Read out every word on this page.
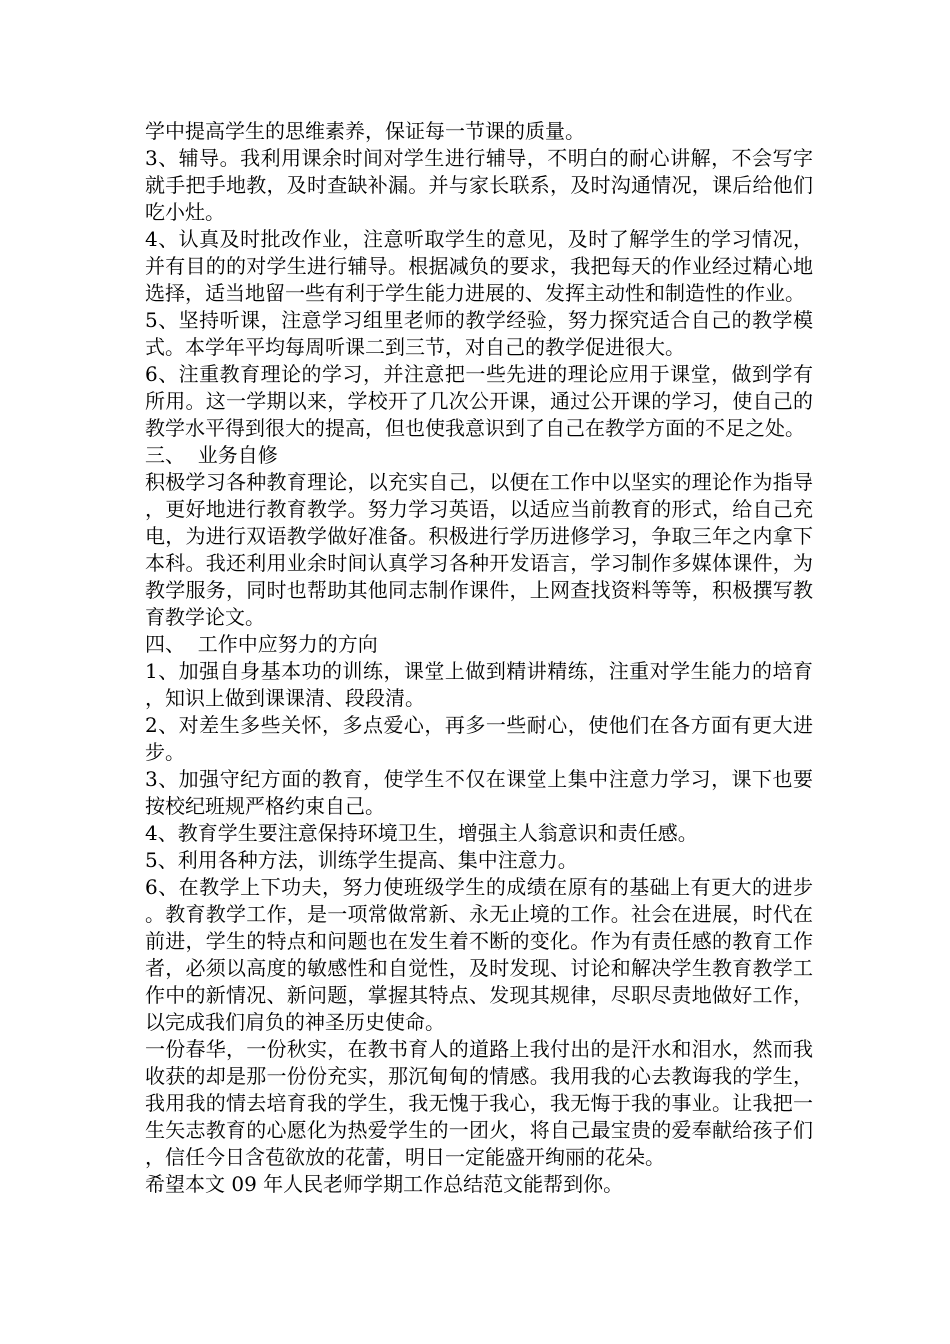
学中提高学生的思维素养，保证每一节课的质量。

3、辅导。我利用课余时间对学生进行辅导，不明白的耐心讲解，不会写字就手把手地教，及时查缺补漏。并与家长联系，及时沟通情况，课后给他们吃小灶。

4、认真及时批改作业，注意听取学生的意见，及时了解学生的学习情况，并有目的的对学生进行辅导。根据减负的要求，我把每天的作业经过精心地选择，适当地留一些有利于学生能力进展的、发挥主动性和制造性的作业。

5、坚持听课，注意学习组里老师的教学经验，努力探究适合自己的教学模式。本学年平均每周听课二到三节，对自己的教学促进很大。

6、注重教育理论的学习，并注意把一些先进的理论应用于课堂，做到学有所用。这一学期以来，学校开了几次公开课，通过公开课的学习，使自己的教学水平得到很大的提高，但也使我意识到了自己在教学方面的不足之处。

三、  业务自修

积极学习各种教育理论，以充实自己，以便在工作中以坚实的理论作为指导，更好地进行教育教学。努力学习英语，以适应当前教育的形式，给自己充电，为进行双语教学做好准备。积极进行学历进修学习，争取三年之内拿下本科。我还利用业余时间认真学习各种开发语言，学习制作多媒体课件，为教学服务，同时也帮助其他同志制作课件，上网查找资料等等，积极撰写教育教学论文。

四、  工作中应努力的方向

1、加强自身基本功的训练，课堂上做到精讲精练，注重对学生能力的培育，知识上做到课课清、段段清。

2、对差生多些关怀，多点爱心，再多一些耐心，使他们在各方面有更大进步。

3、加强守纪方面的教育，使学生不仅在课堂上集中注意力学习，课下也要按校纪班规严格约束自己。

4、教育学生要注意保持环境卫生，增强主人翁意识和责任感。

5、利用各种方法，训练学生提高、集中注意力。

6、在教学上下功夫，努力使班级学生的成绩在原有的基础上有更大的进步。教育教学工作，是一项常做常新、永无止境的工作。社会在进展，时代在前进，学生的特点和问题也在发生着不断的变化。作为有责任感的教育工作者，必须以高度的敏感性和自觉性，及时发现、讨论和解决学生教育教学工作中的新情况、新问题，掌握其特点、发现其规律，尽职尽责地做好工作，以完成我们肩负的神圣历史使命。

一份春华，一份秋实，在教书育人的道路上我付出的是汗水和泪水，然而我收获的却是那一份份充实，那沉甸甸的情感。我用我的心去教诲我的学生，我用我的情去培育我的学生，我无愧于我心，我无悔于我的事业。让我把一生矢志教育的心愿化为热爱学生的一团火，将自己最宝贵的爱奉献给孩子们，信任今日含苞欲放的花蕾，明日一定能盛开绚丽的花朵。

希望本文 09 年人民老师学期工作总结范文能帮到你。
